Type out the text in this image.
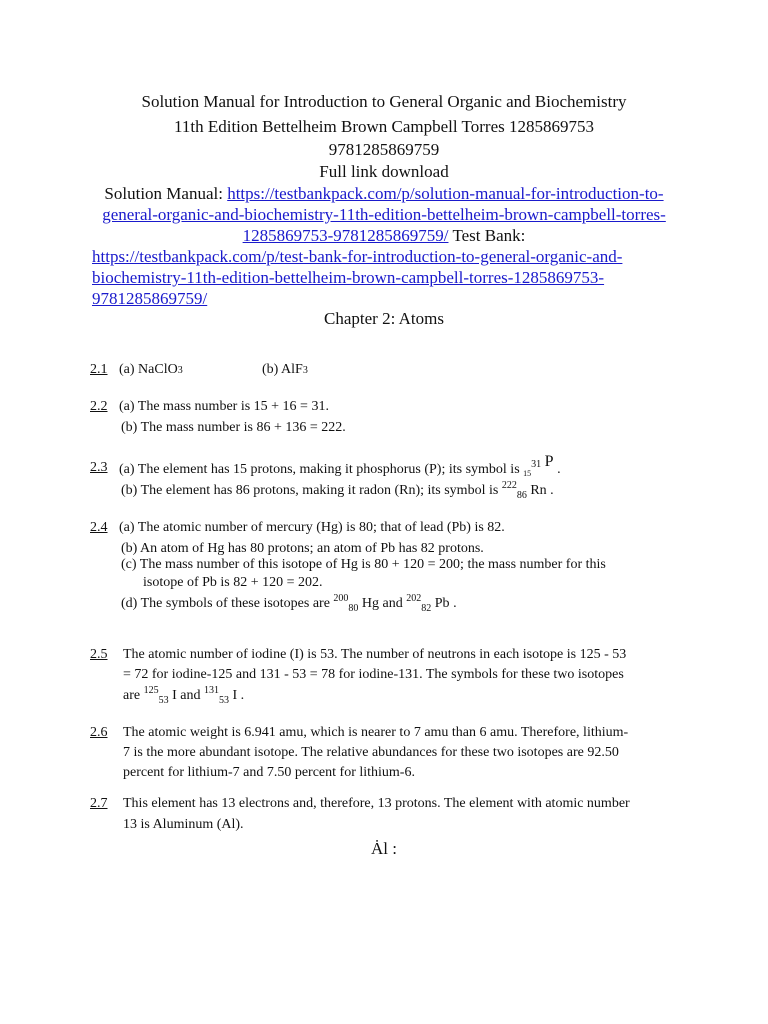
Solution Manual for Introduction to General Organic and Biochemistry
11th Edition Bettelheim Brown Campbell Torres 1285869753
9781285869759
Full link download
Solution Manual: https://testbankpack.com/p/solution-manual-for-introduction-to-
general-organic-and-biochemistry-11th-edition-bettelheim-brown-campbell-torres-
1285869753-9781285869759/ Test Bank:
https://testbankpack.com/p/test-bank-for-introduction-to-general-organic-and-
biochemistry-11th-edition-bettelheim-brown-campbell-torres-1285869753-
9781285869759/
Chapter 2: Atoms
2.1 (a) NaClO3	(b) AlF3
2.2 (a) The mass number is 15 + 16 = 31.
(b) The mass number is 86 + 136 = 222.
2.3 (a) The element has 15 protons, making it phosphorus (P); its symbol is $_{15}^{31}$ P .
(b) The element has 86 protons, making it radon (Rn); its symbol is $^{222}_{86}$ Rn .
2.4 (a) The atomic number of mercury (Hg) is 80; that of lead (Pb) is 82.
(b) An atom of Hg has 80 protons; an atom of Pb has 82 protons.
(c) The mass number of this isotope of Hg is 80 + 120 = 200; the mass number for this
isotope of Pb is 82 + 120 = 202.
(d) The symbols of these isotopes are $^{200}_{80}$ Hg and $^{202}_{82}$ Pb .
2.5 The atomic number of iodine (I) is 53. The number of neutrons in each isotope is 125 - 53
= 72 for iodine-125 and 131 - 53 = 78 for iodine-131. The symbols for these two isotopes
are $^{125}_{53}$ I and $^{131}_{53}$ I .
2.6 The atomic weight is 6.941 amu, which is nearer to 7 amu than 6 amu. Therefore, lithium-
7 is the more abundant isotope. The relative abundances for these two isotopes are 92.50
percent for lithium-7 and 7.50 percent for lithium-6.
2.7 This element has 13 electrons and, therefore, 13 protons. The element with atomic number
13 is Aluminum (Al).
Ȧl :
